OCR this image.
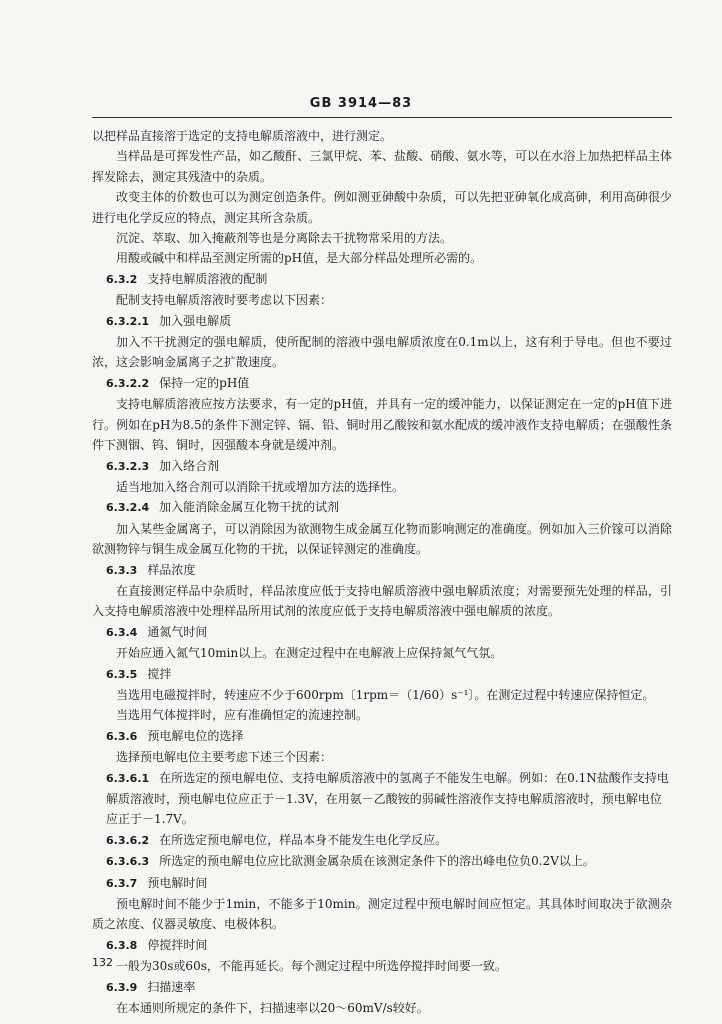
GB 3914—83

以把样品直接溶于选定的支持电解质溶液中，进行测定。

当样品是可挥发性产品，如乙酸酐、三氯甲烷、苯、盐酸、硝酸、氨水等，可以在水浴上加热把样品主体挥发除去，测定其残渣中的杂质。

改变主体的价数也可以为测定创造条件。例如测亚砷酸中杂质，可以先把亚砷氧化成高砷，利用高砷很少进行电化学反应的特点，测定其所含杂质。

沉淀、萃取、加入掩蔽剂等也是分离除去干扰物常采用的方法。

用酸或碱中和样品至测定所需的pH值，是大部分样品处理所必需的。

6.3.2 支持电解质溶液的配制

配制支持电解质溶液时要考虑以下因素：

6.3.2.1 加入强电解质

加入不干扰测定的强电解质，使所配制的溶液中强电解质浓度在0.1m以上，这有利于导电。但也不要过浓，这会影响金属离子之扩散速度。

6.3.2.2 保持一定的pH值

支持电解质溶液应按方法要求，有一定的pH值，并具有一定的缓冲能力，以保证测定在一定的pH值下进行。例如在pH为8.5的条件下测定锌、镉、铅、铜时用乙酸铵和氨水配成的缓冲液作支持电解质；在强酸性条件下测铟、钨、铜时，因强酸本身就是缓冲剂。

6.3.2.3 加入络合剂

适当地加入络合剂可以消除干扰或增加方法的选择性。

6.3.2.4 加入能消除金属互化物干扰的试剂

加入某些金属离子，可以消除因为欲测物生成金属互化物而影响测定的准确度。例如加入三价镓可以消除欲测物锌与铜生成金属互化物的干扰，以保证锌测定的准确度。

6.3.3 样品浓度

在直接测定样品中杂质时，样品浓度应低于支持电解质溶液中强电解质浓度；对需要预先处理的样品，引入支持电解质溶液中处理样品所用试剂的浓度应低于支持电解质溶液中强电解质的浓度。

6.3.4 通氮气时间

开始应通入氮气10min以上。在测定过程中在电解液上应保持氮气气氛。

6.3.5 搅拌

当选用电磁搅拌时，转速应不少于600rpm〔1rpm＝（1/60）s⁻¹〕。在测定过程中转速应保持恒定。

当选用气体搅拌时，应有准确恒定的流速控制。

6.3.6 预电解电位的选择

选择预电解电位主要考虑下述三个因素：

6.3.6.1 在所选定的预电解电位、支持电解质溶液中的氢离子不能发生电解。例如：在0.1N盐酸作支持电解质溶液时，预电解电位应正于－1.3V，在用氨－乙酸铵的弱碱性溶液作支持电解质溶液时，预电解电位应正于－1.7V。

6.3.6.2 在所选定预电解电位，样品本身不能发生电化学反应。

6.3.6.3 所选定的预电解电位应比欲测金属杂质在该测定条件下的溶出峰电位负0.2V以上。

6.3.7 预电解时间

预电解时间不能少于1min，不能多于10min。测定过程中预电解时间应恒定。其具体时间取决于欲测杂质之浓度、仪器灵敏度、电极体积。

6.3.8 停搅拌时间

一般为30s或60s，不能再延长。每个测定过程中所选停搅拌时间要一致。

6.3.9 扫描速率

在本通则所规定的条件下，扫描速率以20～60mV/s较好。

132
